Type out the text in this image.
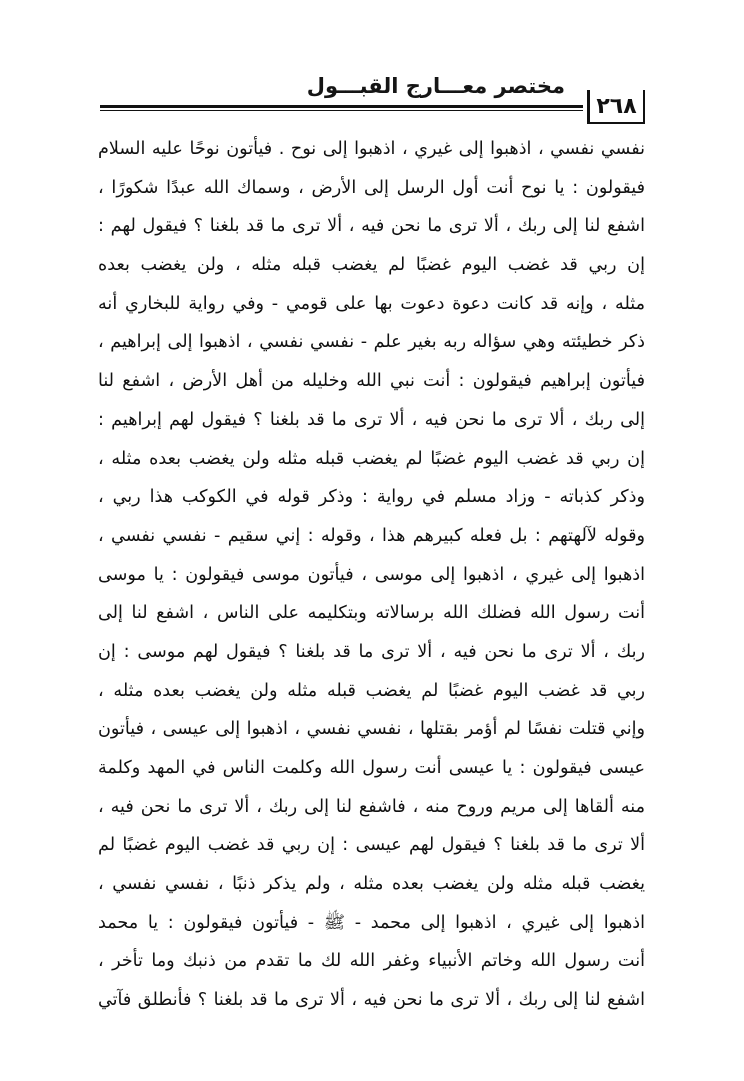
مختصر معـــارج القبـــول
٢٦٨
نفسي نفسي ، اذهبوا إلى غيري ، اذهبوا إلى نوح . فيأتون نوحًا عليه السلام
فيقولون : يا نوح أنت أول الرسل إلى الأرض ، وسماك الله عبدًا شكورًا ،
اشفع لنا إلى ربك ، ألا ترى ما نحن فيه ، ألا ترى ما قد بلغنا ؟ فيقول لهم :
إن ربي قد غضب اليوم غضبًا لم يغضب قبله مثله ، ولن يغضب بعده
مثله ، وإنه قد كانت دعوة دعوت بها على قومي - وفي رواية للبخاري أنه
ذكر خطيئته وهي سؤاله ربه بغير علم - نفسي نفسي ، اذهبوا إلى إبراهيم ،
فيأتون إبراهيم فيقولون : أنت نبي الله وخليله من أهل الأرض ، اشفع لنا
إلى ربك ، ألا ترى ما نحن فيه ، ألا ترى ما قد بلغنا ؟ فيقول لهم إبراهيم :
إن ربي قد غضب اليوم غضبًا لم يغضب قبله مثله ولن يغضب بعده مثله ،
وذكر كذباته - وزاد مسلم في رواية : وذكر قوله في الكوكب هذا ربي ،
وقوله لآلهتهم : بل فعله كبيرهم هذا ، وقوله : إني سقيم - نفسي نفسي ،
اذهبوا إلى غيري ، اذهبوا إلى موسى ، فيأتون موسى فيقولون : يا موسى
أنت رسول الله فضلك الله برسالاته وبتكليمه على الناس ، اشفع لنا إلى
ربك ، ألا ترى ما نحن فيه ، ألا ترى ما قد بلغنا ؟ فيقول لهم موسى : إن
ربي قد غضب اليوم غضبًا لم يغضب قبله مثله ولن يغضب بعده مثله ،
وإني قتلت نفسًا لم أؤمر بقتلها ، نفسي نفسي ، اذهبوا إلى عيسى ، فيأتون
عيسى فيقولون : يا عيسى أنت رسول الله وكلمت الناس في المهد وكلمة
منه ألقاها إلى مريم وروح منه ، فاشفع لنا إلى ربك ، ألا ترى ما نحن فيه ،
ألا ترى ما قد بلغنا ؟ فيقول لهم عيسى : إن ربي قد غضب اليوم غضبًا لم
يغضب قبله مثله ولن يغضب بعده مثله ، ولم يذكر ذنبًا ، نفسي نفسي ،
اذهبوا إلى غيري ، اذهبوا إلى محمد - ﷺ - فيأتون فيقولون : يا محمد
أنت رسول الله وخاتم الأنبياء وغفر الله لك ما تقدم من ذنبك وما تأخر ،
اشفع لنا إلى ربك ، ألا ترى ما نحن فيه ، ألا ترى ما قد بلغنا ؟ فأنطلق فآتي
